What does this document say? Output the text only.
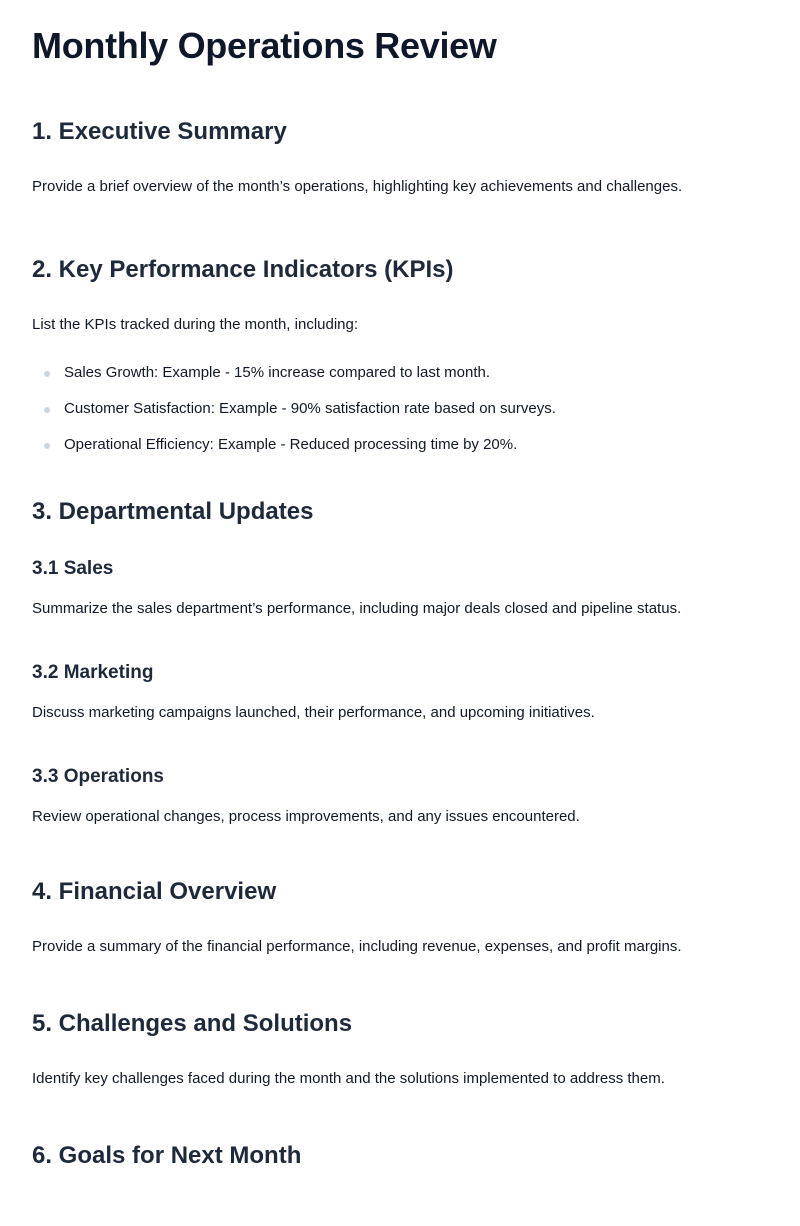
Monthly Operations Review
1. Executive Summary

Provide a brief overview of the month’s operations, highlighting key achievements and challenges.

2. Key Performance Indicators (KPIs)

List the KPIs tracked during the month, including:

Sales Growth: Example - 15% increase compared to last month.
Customer Satisfaction: Example - 90% satisfaction rate based on surveys.
Operational Efficiency: Example - Reduced processing time by 20%.
3. Departmental Updates
3.1 Sales

Summarize the sales department’s performance, including major deals closed and pipeline status.

3.2 Marketing

Discuss marketing campaigns launched, their performance, and upcoming initiatives.

3.3 Operations

Review operational changes, process improvements, and any issues encountered.

4. Financial Overview

Provide a summary of the financial performance, including revenue, expenses, and profit margins.

5. Challenges and Solutions

Identify key challenges faced during the month and the solutions implemented to address them.

6. Goals for Next Month
